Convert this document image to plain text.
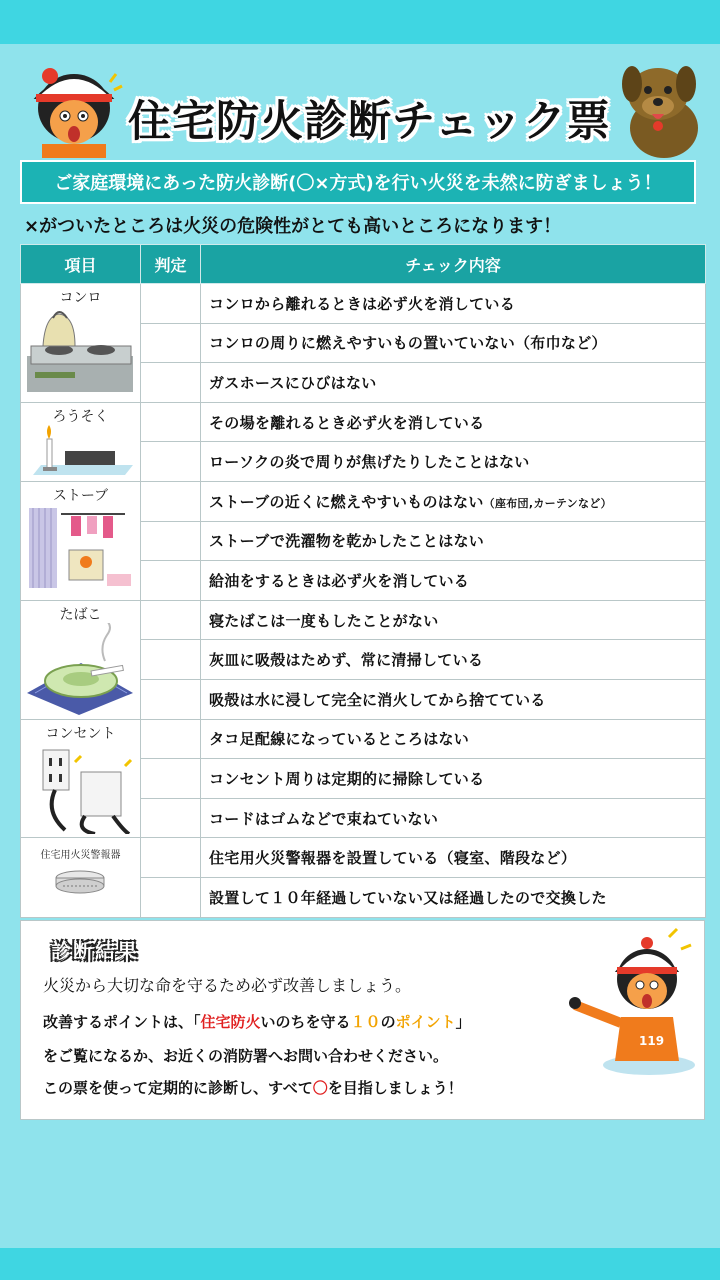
住宅防火診断チェック票
ご家庭環境にあった防火診断(〇×方式)を行い火災を未然に防ぎましょう！
×がついたところは火災の危険性がとても高いところになります！
項目	判定	チェック内容

コンロ		コンロから離れるときは必ず火を消している
		コンロの周りに燃えやすいもの置いていない（布巾など）
		ガスホースにひびはない

ろうそく		その場を離れるとき必ず火を消している
		ローソクの炎で周りが焦げたりしたことはない

ストーブ		ストーブの近くに燃えやすいものはない（座布団,カーテンなど）
		ストーブで洗濯物を乾かしたことはない
		給油をするときは必ず火を消している

たばこ		寝たばこは一度もしたことがない
		灰皿に吸殻はためず、常に清掃している
		吸殻は水に浸して完全に消火してから捨てている

コンセント		タコ足配線になっているところはない
		コンセント周りは定期的に掃除している
		コードはゴムなどで束ねていない

住宅用火災警報器		住宅用火災警報器を設置している（寝室、階段など）
		設置して１０年経過していない又は経過したので交換した
診断結果
火災から大切な命を守るため必ず改善しましょう。
改善するポイントは、「住宅防火いのちを守る１０のポイント」
をご覧になるか、お近くの消防署へお問い合わせください。
この票を使って定期的に診断し、すべて〇を目指しましょう！
119
